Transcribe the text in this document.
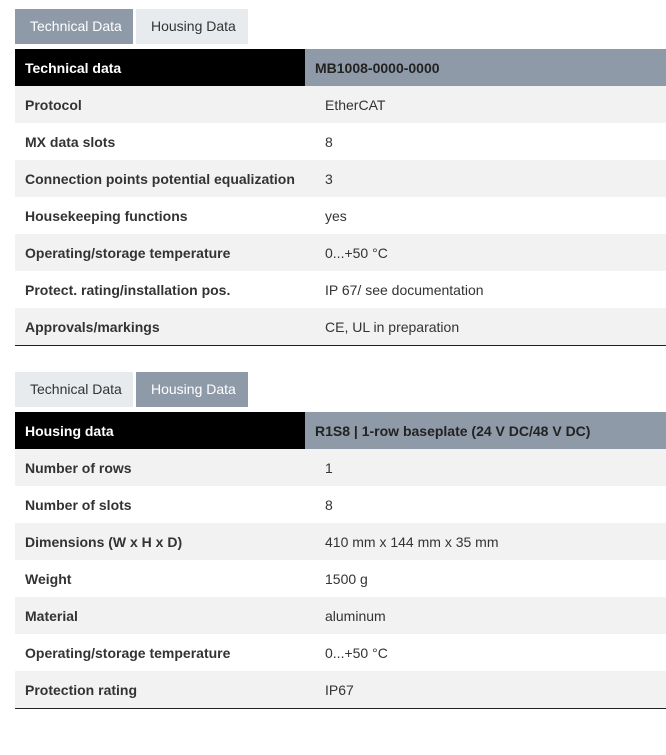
Technical Data	Housing Data
Technical data	MB1008-0000-0000
Protocol	EtherCAT
MX data slots	8
Connection points potential equalization	3
Housekeeping functions	yes
Operating/storage temperature	0...+50 °C
Protect. rating/installation pos.	IP 67/ see documentation
Approvals/markings	CE, UL in preparation
Technical Data	Housing Data
Housing data	R1S8 | 1-row baseplate (24 V DC/48 V DC)
Number of rows	1
Number of slots	8
Dimensions (W x H x D)	410 mm x 144 mm x 35 mm
Weight	1500 g
Material	aluminum
Operating/storage temperature	0...+50 °C
Protection rating	IP67
